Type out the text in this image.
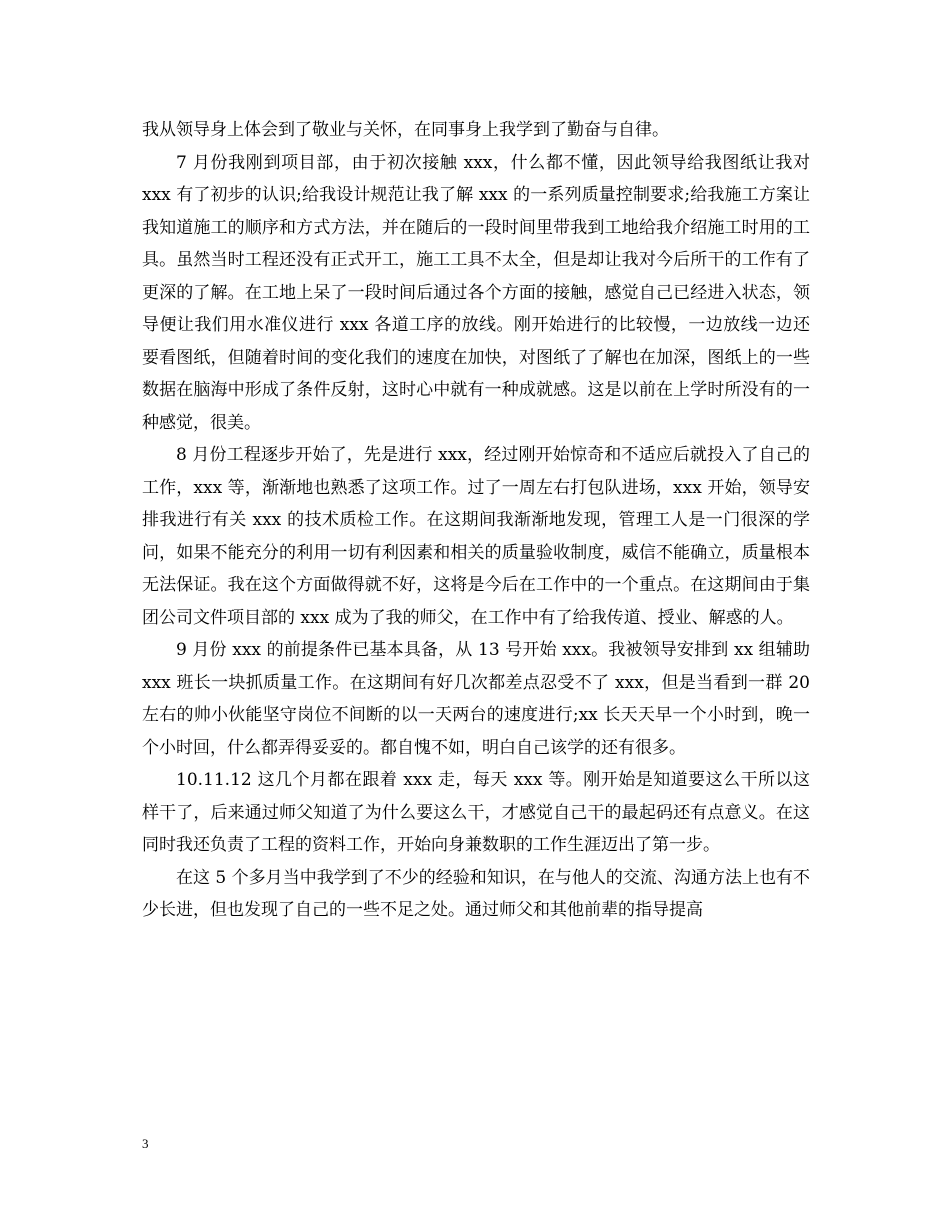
我从领导身上体会到了敬业与关怀，在同事身上我学到了勤奋与自律。

7 月份我刚到项目部，由于初次接触 xxx，什么都不懂，因此领导给我图纸让我对 xxx 有了初步的认识;给我设计规范让我了解 xxx 的一系列质量控制要求;给我施工方案让我知道施工的顺序和方式方法，并在随后的一段时间里带我到工地给我介绍施工时用的工具。虽然当时工程还没有正式开工，施工工具不太全，但是却让我对今后所干的工作有了更深的了解。在工地上呆了一段时间后通过各个方面的接触，感觉自己已经进入状态，领导便让我们用水准仪进行 xxx 各道工序的放线。刚开始进行的比较慢，一边放线一边还要看图纸，但随着时间的变化我们的速度在加快，对图纸了了解也在加深，图纸上的一些数据在脑海中形成了条件反射，这时心中就有一种成就感。这是以前在上学时所没有的一种感觉，很美。

8 月份工程逐步开始了，先是进行 xxx，经过刚开始惊奇和不适应后就投入了自己的工作，xxx 等，渐渐地也熟悉了这项工作。过了一周左右打包队进场，xxx 开始，领导安排我进行有关 xxx 的技术质检工作。在这期间我渐渐地发现，管理工人是一门很深的学问，如果不能充分的利用一切有利因素和相关的质量验收制度，威信不能确立，质量根本无法保证。我在这个方面做得就不好，这将是今后在工作中的一个重点。在这期间由于集团公司文件项目部的 xxx 成为了我的师父，在工作中有了给我传道、授业、解惑的人。

9 月份 xxx 的前提条件已基本具备，从 13 号开始 xxx。我被领导安排到 xx 组辅助 xxx 班长一块抓质量工作。在这期间有好几次都差点忍受不了 xxx，但是当看到一群 20 左右的帅小伙能坚守岗位不间断的以一天两台的速度进行;xx 长天天早一个小时到，晚一个小时回，什么都弄得妥妥的。都自愧不如，明白自己该学的还有很多。

10.11.12 这几个月都在跟着 xxx 走，每天 xxx 等。刚开始是知道要这么干所以这样干了，后来通过师父知道了为什么要这么干，才感觉自己干的最起码还有点意义。在这同时我还负责了工程的资料工作，开始向身兼数职的工作生涯迈出了第一步。

在这 5 个多月当中我学到了不少的经验和知识，在与他人的交流、沟通方法上也有不少长进，但也发现了自己的一些不足之处。通过师父和其他前辈的指导提高

3
